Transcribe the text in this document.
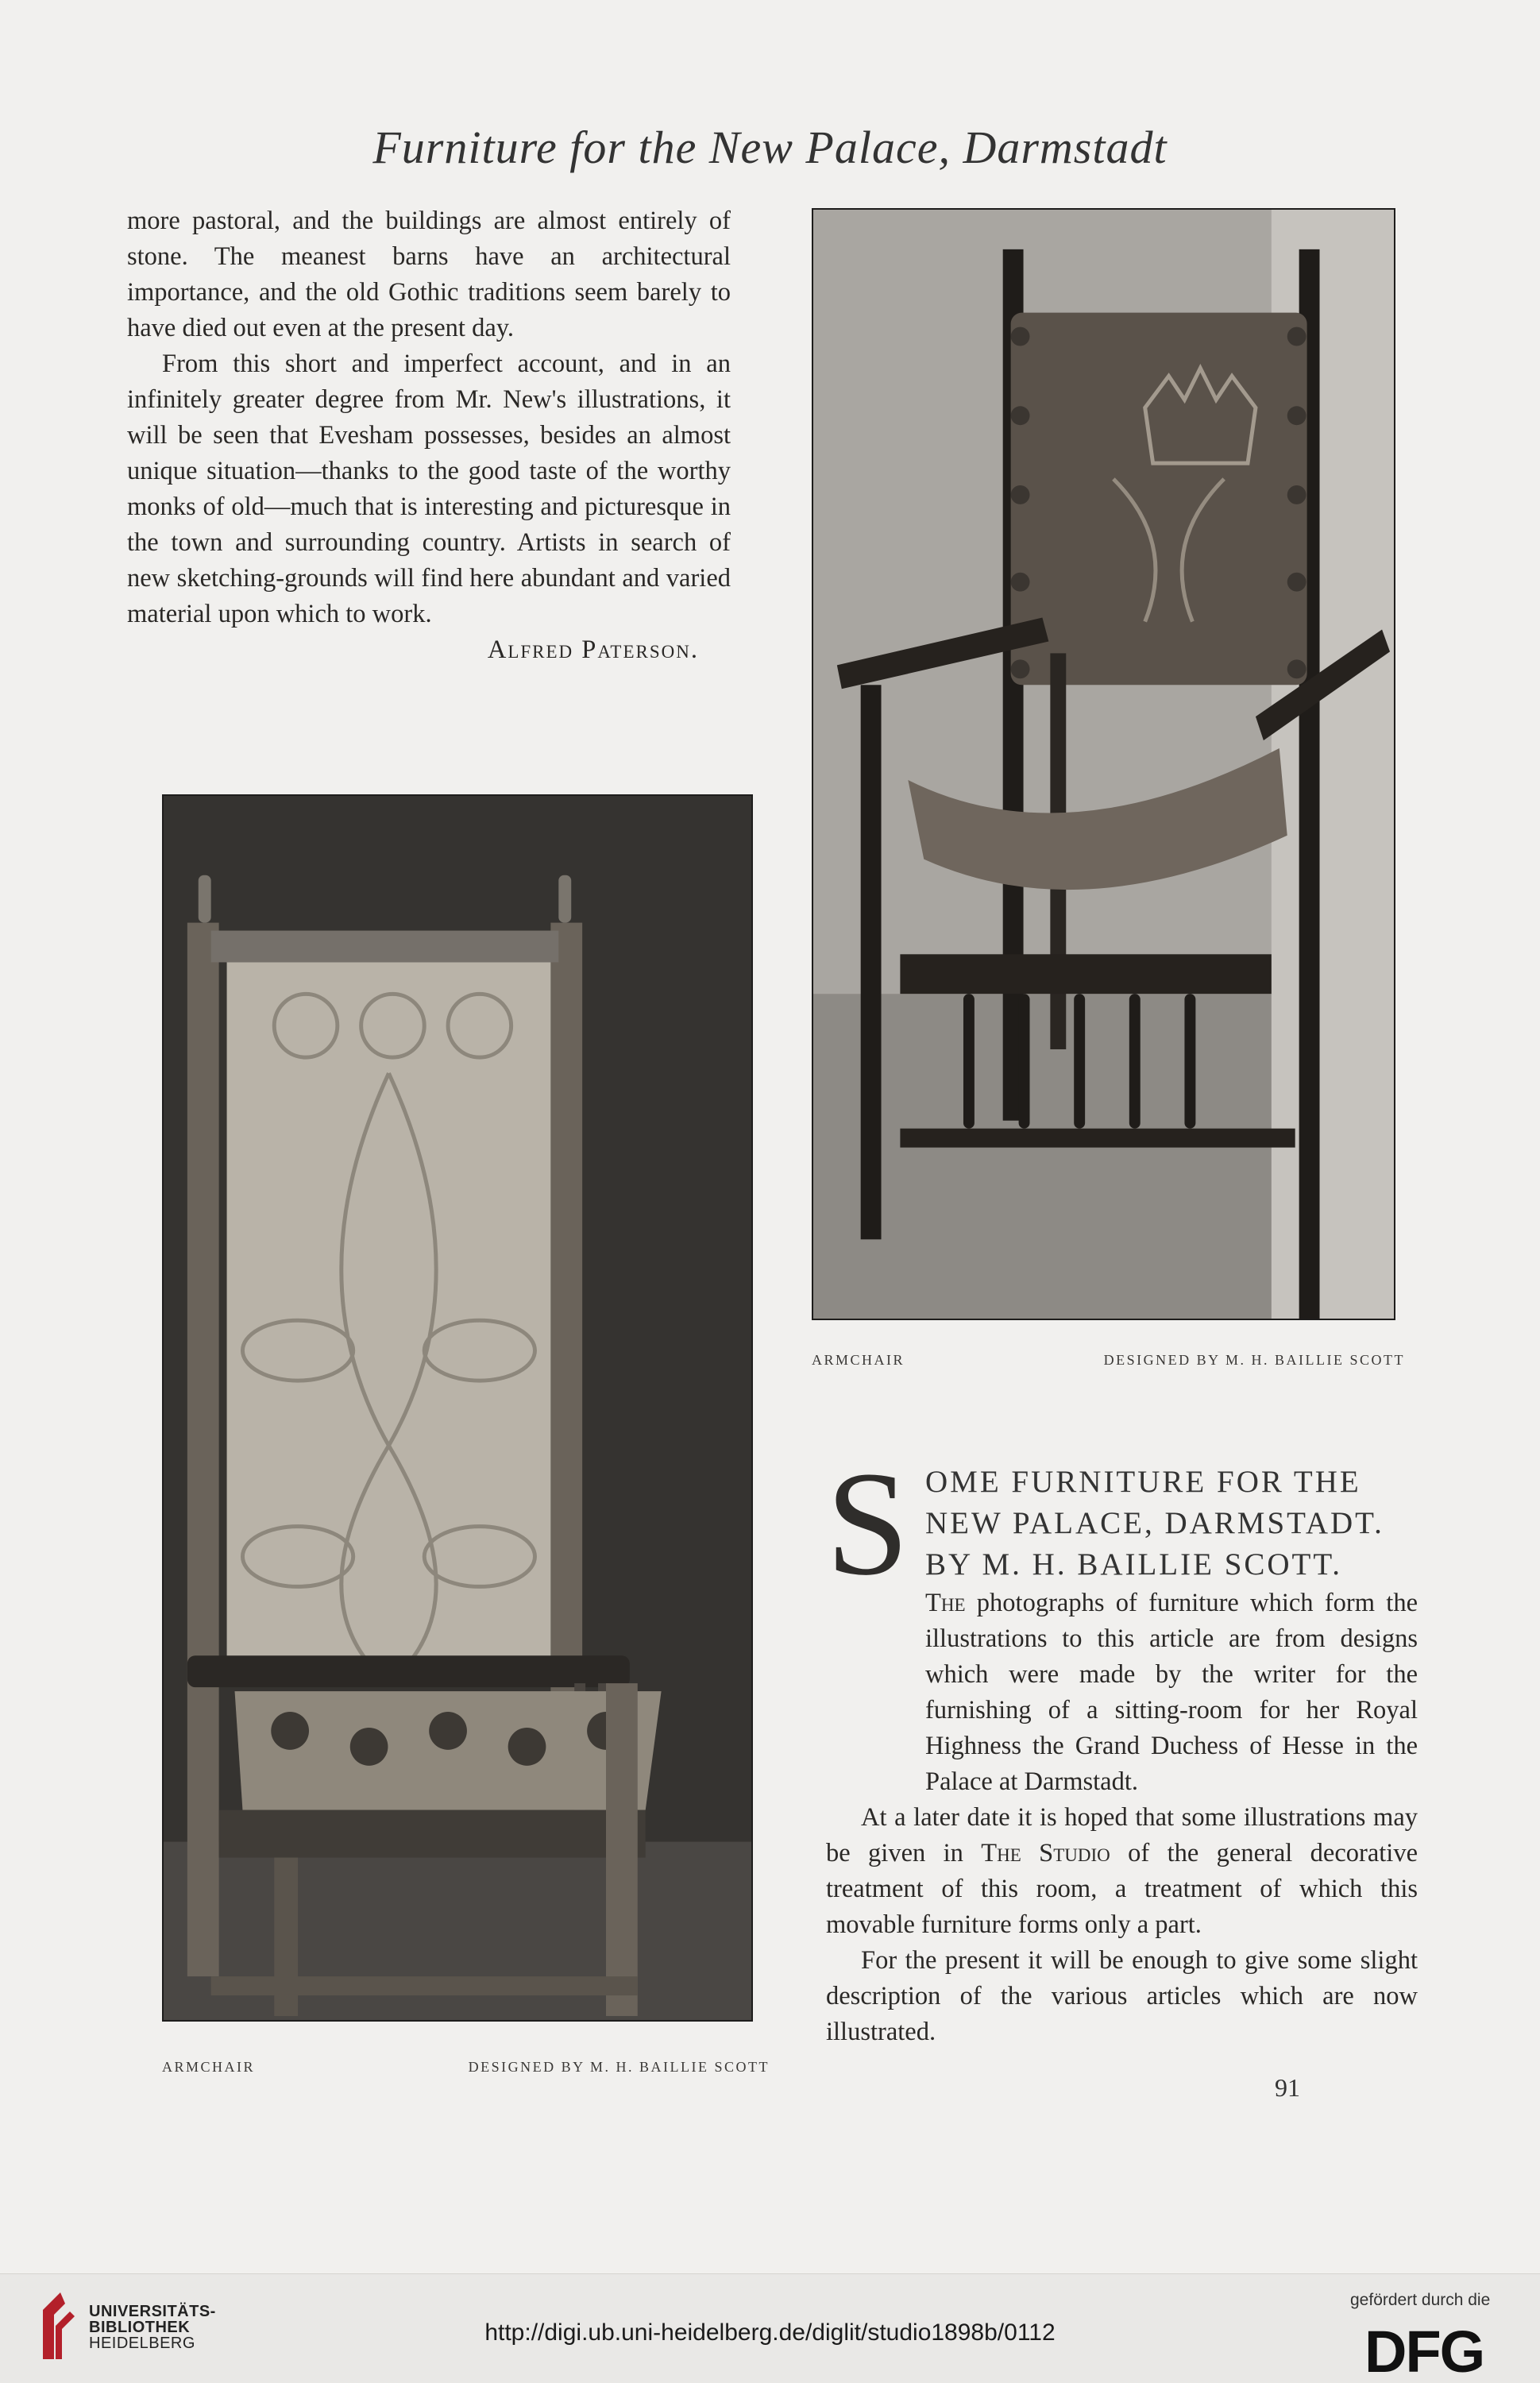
Furniture for the New Palace, Darmstadt

more pastoral, and the buildings are almost entirely of stone. The meanest barns have an architectural importance, and the old Gothic traditions seem barely to have died out even at the present day.

From this short and imperfect account, and in an infinitely greater degree from Mr. New's illustrations, it will be seen that Evesham possesses, besides an almost unique situation—thanks to the good taste of the worthy monks of old—much that is interesting and picturesque in the town and surrounding country. Artists in search of new sketching-grounds will find here abundant and varied material upon which to work.

Alfred Paterson.

ARMCHAIR	DESIGNED BY M. H. BAILLIE SCOTT
ARMCHAIR	DESIGNED BY M. H. BAILLIE SCOTT
S OME FURNITURE FOR THE NEW PALACE, DARMSTADT. BY M. H. BAILLIE SCOTT.

The photographs of furniture which form the illustrations to this article are from designs which were made by the writer for the furnishing of a sitting-room for her Royal Highness the Grand Duchess of Hesse in the Palace at Darmstadt.

At a later date it is hoped that some illustrations may be given in The Studio of the general decorative treatment of this room, a treatment of which this movable furniture forms only a part.

For the present it will be enough to give some slight description of the various articles which are now illustrated.

91
UNIVERSITÄTS-
BIBLIOTHEK
HEIDELBERG	http://digi.ub.uni-heidelberg.de/diglit/studio1898b/0112
gefördert durch die
DFG
